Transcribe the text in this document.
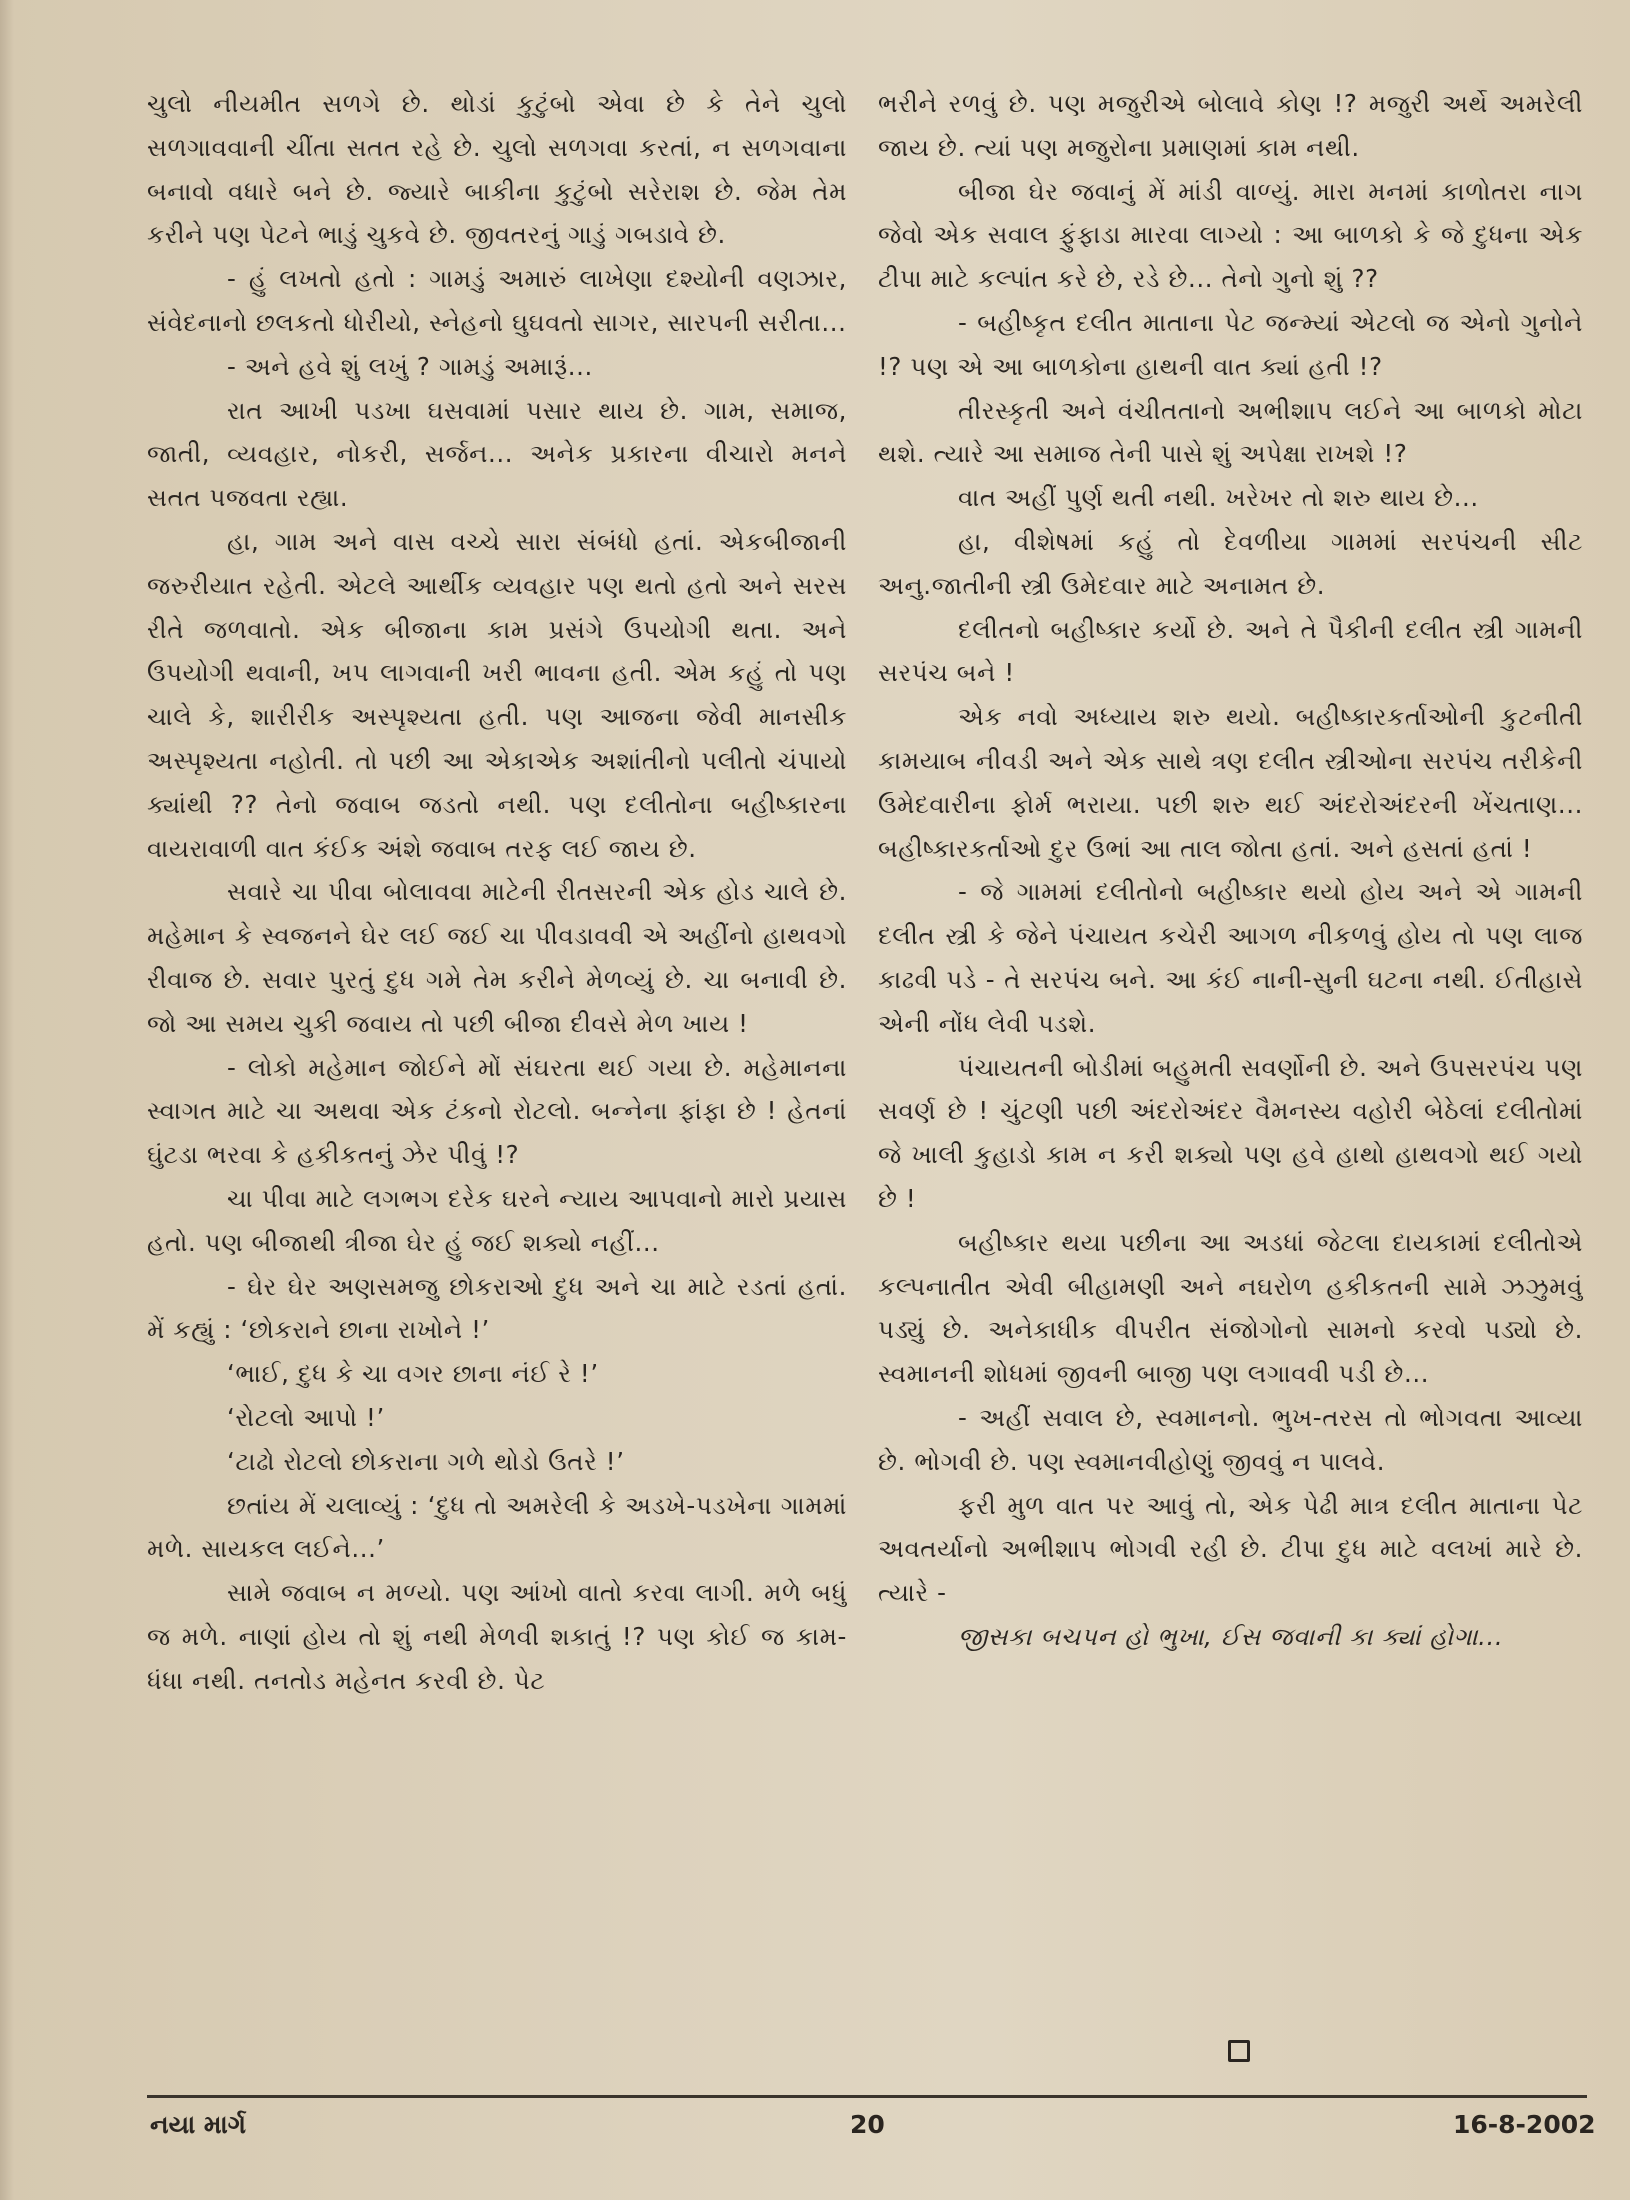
ચુલો નીયમીત સળગે છે. થોડાં કુટુંબો એવા છે કે તેને ચુલો સળગાવવાની ચીંતા સતત રહે છે. ચુલો સળગવા કરતાં, ન સળગવાના બનાવો વધારે બને છે. જ્યારે બાકીના કુટુંબો સરેરાશ છે. જેમ તેમ કરીને પણ પેટને ભાડું ચુકવે છે. જીવતરનું ગાડું ગબડાવે છે.

- હું લખતો હતો : ગામડું અમારું લાખેણા દશ્યોની વણઝાર, સંવેદનાનો છલકતો ધોરીયો, સ્નેહનો ઘુઘવતો સાગર, સારપની સરીતા...

- અને હવે શું લખું ? ગામડું અમારૂં...

રાત આખી પડખા ઘસવામાં પસાર થાય છે. ગામ, સમાજ, જાતી, વ્યવહાર, નોકરી, સર્જન... અનેક પ્રકારના વીચારો મનને સતત પજવતા રહ્યા.

હા, ગામ અને વાસ વચ્ચે સારા સંબંધો હતાં. એકબીજાની જરુરીયાત રહેતી. એટલે આર્થીક વ્યવહાર પણ થતો હતો અને સરસ રીતે જળવાતો. એક બીજાના કામ પ્રસંગે ઉપયોગી થતા. અને ઉપયોગી થવાની, ખપ લાગવાની ખરી ભાવના હતી. એમ કહું તો પણ ચાલે કે, શારીરીક અસ્પૃશ્યતા હતી. પણ આજના જેવી માનસીક અસ્પૃશ્યતા નહોતી. તો પછી આ એકાએક અશાંતીનો પલીતો ચંપાયો ક્યાંથી ?? તેનો જવાબ જડતો નથી. પણ દલીતોના બહીષ્કારના વાયરાવાળી વાત કંઈક અંશે જવાબ તરફ લઈ જાય છે.

સવારે ચા પીવા બોલાવવા માટેની રીતસરની એક હોડ ચાલે છે. મહેમાન કે સ્વજનને ઘેર લઈ જઈ ચા પીવડાવવી એ અહીંનો હાથવગો રીવાજ છે. સવાર પુરતું દુધ ગમે તેમ કરીને મેળવ્યું છે. ચા બનાવી છે. જો આ સમય ચુકી જવાય તો પછી બીજા દીવસે મેળ ખાય !

- લોકો મહેમાન જોઈને મોં સંઘરતા થઈ ગયા છે. મહેમાનના સ્વાગત માટે ચા અથવા એક ટંકનો રોટલો. બન્નેના ફાંફા છે ! હેતનાં ઘુંટડા ભરવા કે હકીકતનું ઝેર પીવું !?

ચા પીવા માટે લગભગ દરેક ઘરને ન્યાય આપવાનો મારો પ્રયાસ હતો. પણ બીજાથી ત્રીજા ઘેર હું જઈ શક્યો નહીં...

- ઘેર ઘેર અણસમજુ છોકરાઓ દુધ અને ચા માટે રડતાં હતાં. મેં કહ્યું : ‘છોકરાને છાના રાખોને !’

‘ભાઈ, દુધ કે ચા વગર છાના નંઈ રે !’

‘રોટલો આપો !’

‘ટાઢો રોટલો છોકરાના ગળે થોડો ઉતરે !’

છતાંય મેં ચલાવ્યું : ‘દુધ તો અમરેલી કે અડખે-પડખેના ગામમાં મળે. સાયકલ લઈને...’

સામે જવાબ ન મળ્યો. પણ આંખો વાતો કરવા લાગી. મળે બધું જ મળે. નાણાં હોય તો શું નથી મેળવી શકાતું !? પણ કોઈ જ કામ-ધંધા નથી. તનતોડ મહેનત કરવી છે. પેટ

ભરીને રળવું છે. પણ મજુરીએ બોલાવે કોણ !? મજુરી અર્થે અમરેલી જાય છે. ત્યાં પણ મજુરોના પ્રમાણમાં કામ નથી.

બીજા ઘેર જવાનું મેં માંડી વાળ્યું. મારા મનમાં કાળોતરા નાગ જેવો એક સવાલ ફુંફાડા મારવા લાગ્યો : આ બાળકો કે જે દુધના એક ટીપા માટે કલ્પાંત કરે છે, રડે છે... તેનો ગુનો શું ??

- બહીષ્કૃત દલીત માતાના પેટ જન્મ્યાં એટલો જ એનો ગુનોને !? પણ એ આ બાળકોના હાથની વાત ક્યાં હતી !?

તીરસ્કૃતી અને વંચીતતાનો અભીશાપ લઈને આ બાળકો મોટા થશે. ત્યારે આ સમાજ તેની પાસે શું અપેક્ષા રાખશે !?

વાત અહીં પુર્ણ થતી નથી. ખરેખર તો શરુ થાય છે...

હા, વીશેષમાં કહું તો દેવળીયા ગામમાં સરપંચની સીટ અનુ.જાતીની સ્ત્રી ઉમેદવાર માટે અનામત છે.

દલીતનો બહીષ્કાર કર્યો છે. અને તે પૈકીની દલીત સ્ત્રી ગામની સરપંચ બને !

એક નવો અધ્યાય શરુ થયો. બહીષ્કારકર્તાઓની કુટનીતી કામયાબ નીવડી અને એક સાથે ત્રણ દલીત સ્ત્રીઓના સરપંચ તરીકેની ઉમેદવારીના ફોર્મ ભરાયા. પછી શરુ થઈ અંદરોઅંદરની ખેંચતાણ... બહીષ્કારકર્તાઓ દુર ઉભાં આ તાલ જોતા હતાં. અને હસતાં હતાં !

- જે ગામમાં દલીતોનો બહીષ્કાર થયો હોય અને એ ગામની દલીત સ્ત્રી કે જેને પંચાયત કચેરી આગળ નીકળવું હોય તો પણ લાજ કાઢવી પડે - તે સરપંચ બને. આ કંઈ નાની-સુની ઘટના નથી. ઈતીહાસે એની નોંધ લેવી પડશે.

પંચાયતની બોડીમાં બહુમતી સવર્ણોની છે. અને ઉપસરપંચ પણ સવર્ણ છે ! ચુંટણી પછી અંદરોઅંદર વૈમનસ્ય વહોરી બેઠેલાં દલીતોમાં જે ખાલી કુહાડો કામ ન કરી શક્યો પણ હવે હાથો હાથવગો થઈ ગયો છે !

બહીષ્કાર થયા પછીના આ અડધાં જેટલા દાયકામાં દલીતોએ કલ્પનાતીત એવી બીહામણી અને નઘરોળ હકીકતની સામે ઝઝુમવું પડ્યું છે. અનેકાધીક વીપરીત સંજોગોનો સામનો કરવો પડ્યો છે. સ્વમાનની શોધમાં જીવની બાજી પણ લગાવવી પડી છે...

- અહીં સવાલ છે, સ્વમાનનો. ભુખ-તરસ તો ભોગવતા આવ્યા છે. ભોગવી છે. પણ સ્વમાનવીહોણું જીવવું ન પાલવે.

ફરી મુળ વાત પર આવું તો, એક પેઢી માત્ર દલીત માતાના પેટ અવતર્યાનો અભીશાપ ભોગવી રહી છે. ટીપા દુધ માટે વલખાં મારે છે. ત્યારે -

જીસકા બચપન હો ભુખા, ઈસ જવાની કા ક્યાં હોગા...

નયા માર્ગ	20	16-8-2002
